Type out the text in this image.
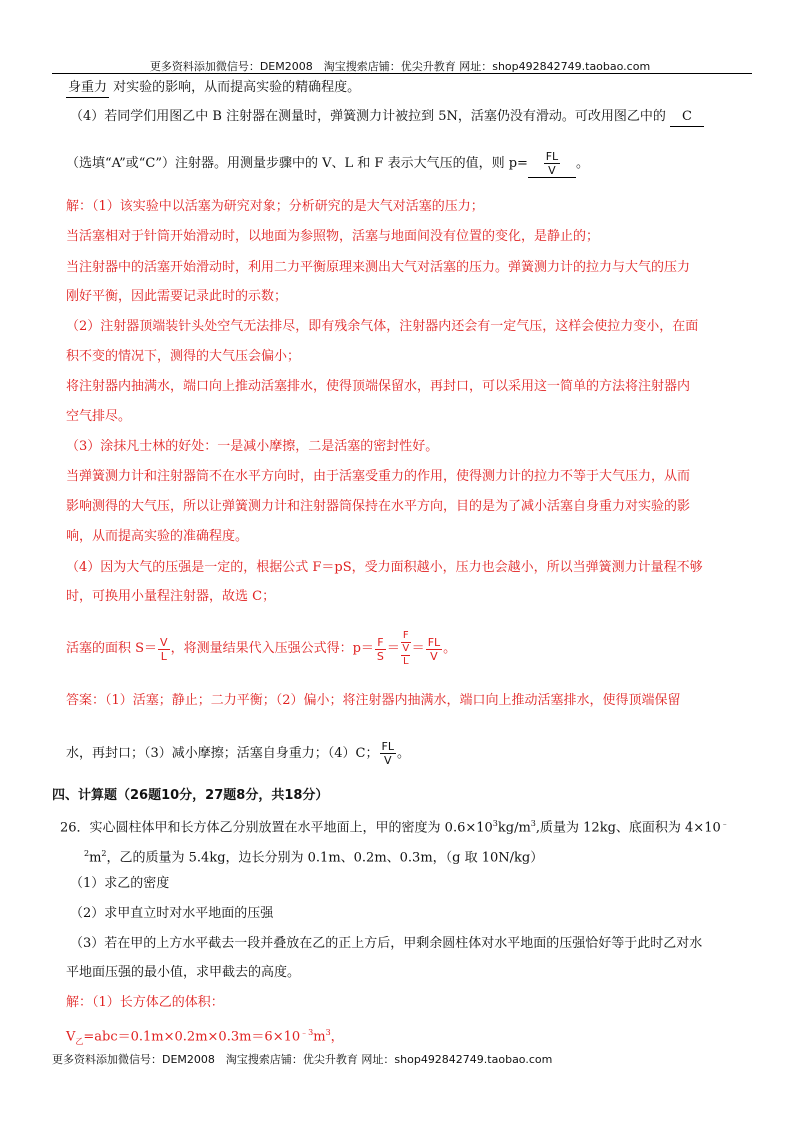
更多资料添加微信号：DEM2008　淘宝搜索店铺：优尖升教育 网址：shop492842749.taobao.com
身重力 对实验的影响，从而提高实验的精确程度。
（4）若同学们用图乙中 B 注射器在测量时，弹簧测力计被拉到 5N，活塞仍没有滑动。可改用图乙中的 C
（选填“A”或“C”）注射器。用测量步骤中的 V、L 和 F 表示大气压的值，则 $p= \frac{FL}{V}$ 。
解：（1）该实验中以活塞为研究对象；分析研究的是大气对活塞的压力；
当活塞相对于针筒开始滑动时，以地面为参照物，活塞与地面间没有位置的变化，是静止的；
当注射器中的活塞开始滑动时，利用二力平衡原理来测出大气对活塞的压力。弹簧测力计的拉力与大气的压力
刚好平衡，因此需要记录此时的示数；
（2）注射器顶端装针头处空气无法排尽，即有残余气体，注射器内还会有一定气压，这样会使拉力变小，在面
积不变的情况下，测得的大气压会偏小；
将注射器内抽满水，端口向上推动活塞排水，使得顶端保留水，再封口，可以采用这一简单的方法将注射器内
空气排尽。
（3）涂抹凡士林的好处：一是减小摩擦，二是活塞的密封性好。
当弹簧测力计和注射器筒不在水平方向时，由于活塞受重力的作用，使得测力计的拉力不等于大气压力，从而
影响测得的大气压，所以让弹簧测力计和注射器筒保持在水平方向，目的是为了减小活塞自身重力对实验的影
响，从而提高实验的准确程度。
（4）因为大气的压强是一定的，根据公式 F＝pS，受力面积越小，压力也会越小，所以当弹簧测力计量程不够
时，可换用小量程注射器，故选 C；
活塞的面积 $S= \frac{V}{L}$ ，将测量结果代入压强公式得：$p= \frac{F}{S} = \frac{F}{\frac{V}{L}} = \frac{FL}{V}$ 。
答案：（1）活塞；静止；二力平衡；（2）偏小；将注射器内抽满水，端口向上推动活塞排水，使得顶端保留
水，再封口；（3）减小摩擦；活塞自身重力；（4）C； $\frac{FL}{V}$ 。
四、计算题（26题10分，27题8分，共18分）
26．实心圆柱体甲和长方体乙分别放置在水平地面上，甲的密度为 $0.6\times 10^3kg/m^3$,质量为 12kg、底面积为 4×10﹣
$^2m^2$，乙的质量为 5.4kg，边长分别为 0.1m、0.2m、0.3m，（g 取 10N/kg）
（1）求乙的密度
（2）求甲直立时对水平地面的压强
（3）若在甲的上方水平截去一段并叠放在乙的正上方后，甲剩余圆柱体对水平地面的压强恰好等于此时乙对水
平地面压强的最小值，求甲截去的高度。
解：（1）长方体乙的体积：
$V_乙=abc=0.1m\times 0.2m\times 0.3m=6\times 10^{﹣3}m^3$，
更多资料添加微信号：DEM2008　淘宝搜索店铺：优尖升教育 网址：shop492842749.taobao.com
